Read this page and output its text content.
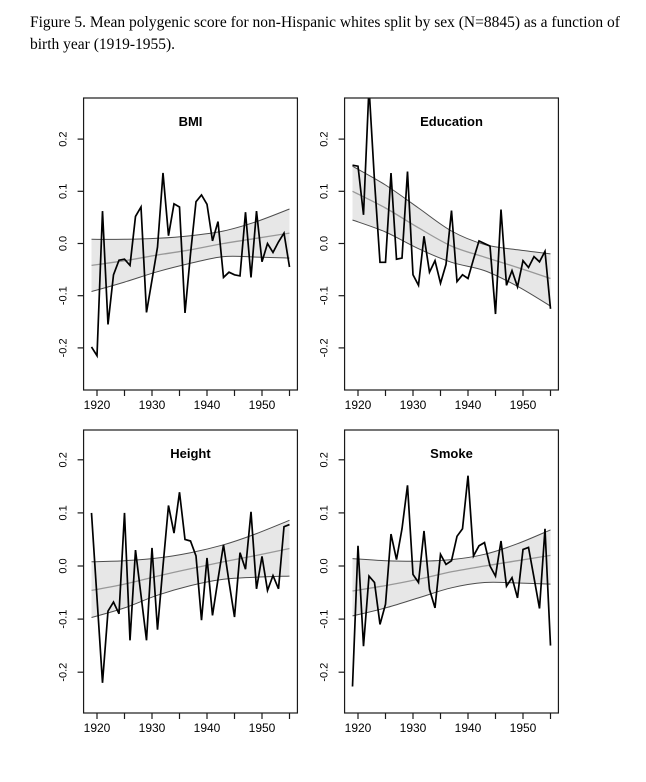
Figure 5. Mean polygenic score for non-Hispanic whites split by sex (N=8845) as a function of
birth year (1919-1955).
0.2
0.1
0.0
-0.1
-0.2
1920 1930 1940 1950
BMI
0.2
0.1
0.0
-0.1
-0.2
1920 1930 1940 1950
Education
0.2
0.1
0.0
-0.1
-0.2
1920 1930 1940 1950
Height	0.2
0.1
0.0
-0.1
-0.2
1920 1930 1940 1950
Smoke
